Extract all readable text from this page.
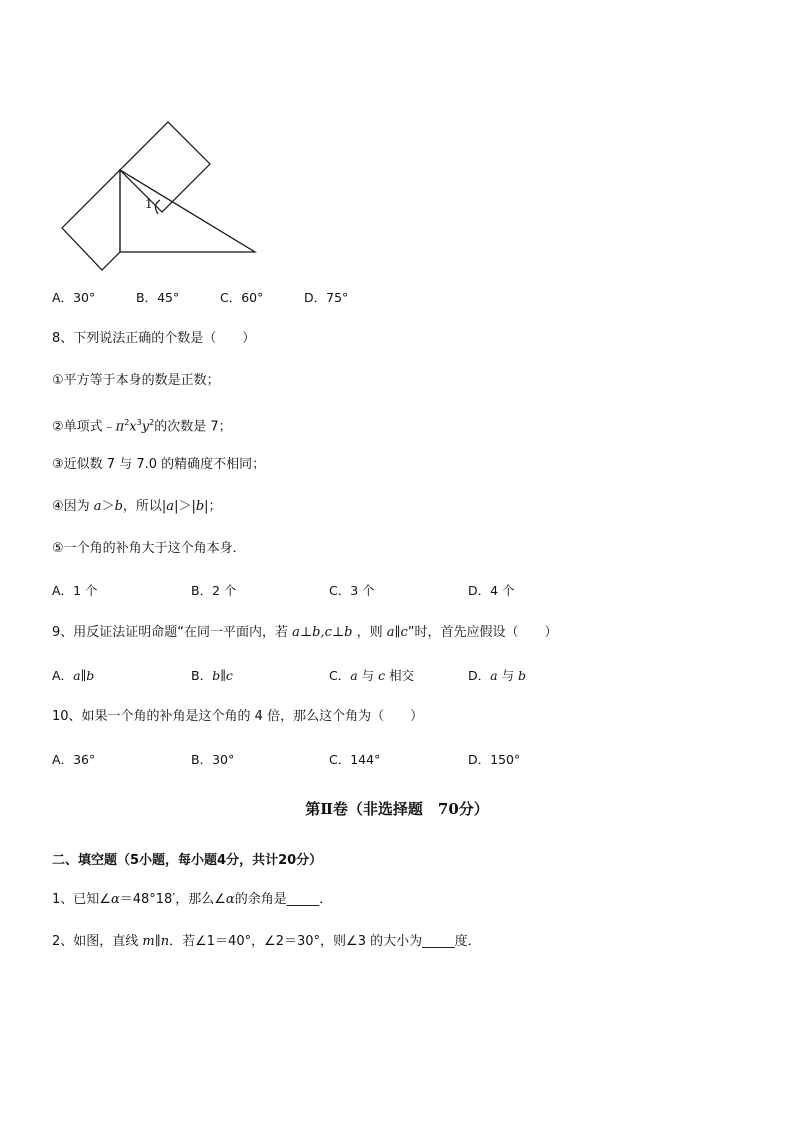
1
A．30°	B．45°	C．60°	D．75°
8、下列说法正确的个数是（　　）
①平方等于本身的数是正数；
②单项式$﹣\pi^2x^3y^2$的次数是 7；
③近似数 7 与 7.0 的精确度不相同；
④因为 a＞b，所以|a|＞|b|；
⑤一个角的补角大于这个角本身．
A．1 个	B．2 个	C．3 个	D．4 个
9、用反证法证明命题“在同一平面内，若 a⊥b,c⊥b ，则 a∥c”时，首先应假设（　　）
A．a∥b	B．b∥c	C．a 与 c 相交	D．a 与 b
10、如果一个角的补角是这个角的 4 倍，那么这个角为（　　）
A．36°	B．30°	C．144°	D．150°
第Ⅱ卷（非选择题　70分）
二、填空题（5小题，每小题4分，共计20分）
1、已知∠α＝48°18′，那么∠α的余角是_____．
2、如图，直线 m∥n．若∠1＝40°，∠2＝30°，则∠3 的大小为_____度．
